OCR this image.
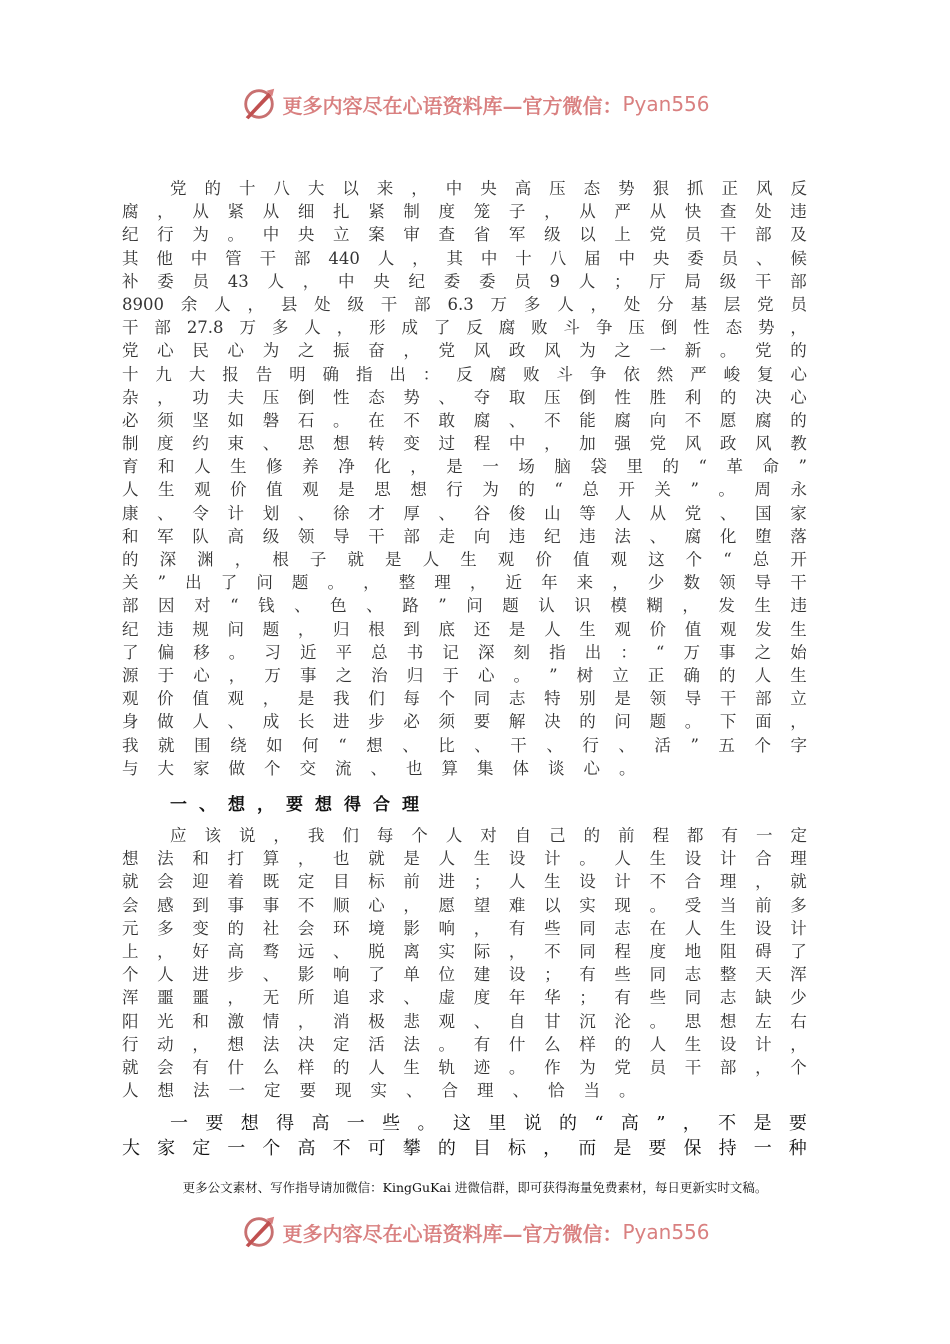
更多内容尽在心语资料库—官方微信： Pyan556
党 的 十 八 大 以 来 ， 中 央 高 压 态 势 狠 抓 正 风 反
腐 ， 从 紧 从 细 扎 紧 制 度 笼 子 ， 从 严 从 快 查 处 违
纪 行 为 。 中 央 立 案 审 查 省 军 级 以 上 党 员 干 部 及
其 他 中 管 干 部 440 人 ， 其 中 十 八 届 中 央 委 员 、 候
补 委 员 43 人 ， 中 央 纪 委 委 员 9 人 ； 厅 局 级 干 部
8900 余 人 ， 县 处 级 干 部 6.3 万 多 人 ， 处 分 基 层 党 员
干 部 27.8 万 多 人 ， 形 成 了 反 腐 败 斗 争 压 倒 性 态 势 ，
党 心 民 心 为 之 振 奋 ， 党 风 政 风 为 之 一 新 。 党 的
十 九 大 报 告 明 确 指 出 ： 反 腐 败 斗 争 依 然 严 峻 复 心
杂 ， 功 夫 压 倒 性 态 势 、 夺 取 压 倒 性 胜 利 的 决 心
必 须 坚 如 磐 石 。 在 不 敢 腐 、 不 能 腐 向 不 愿 腐 的
制 度 约 束 、 思 想 转 变 过 程 中 ， 加 强 党 风 政 风 教
育 和 人 生 修 养 净 化 ， 是 一 场 脑 袋 里 的 “ 革 命 ”
人 生 观 价 值 观 是 思 想 行 为 的 “ 总 开 关 ” 。 周 永
康 、 令 计 划 、 徐 才 厚 、 谷 俊 山 等 人 从 党 、 国 家
和 军 队 高 级 领 导 干 部 走 向 违 纪 违 法 、 腐 化 堕 落
的 深 渊 ， 根 子 就 是 人 生 观 价 值 观 这 个 “ 总 开
关 ” 出 了 问 题 。 ， 整 理 ， 近 年 来 ， 少 数 领 导 干
部 因 对 “ 钱 、 色 、 路 ” 问 题 认 识 模 糊 ， 发 生 违
纪 违 规 问 题 ， 归 根 到 底 还 是 人 生 观 价 值 观 发 生
了 偏 移 。 习 近 平 总 书 记 深 刻 指 出 ： “ 万 事 之 始
源 于 心 ， 万 事 之 治 归 于 心 。 ” 树 立 正 确 的 人 生
观 价 值 观 ， 是 我 们 每 个 同 志 特 别 是 领 导 干 部 立
身 做 人 、 成 长 进 步 必 须 要 解 决 的 问 题 。 下 面 ，
我 就 围 绕 如 何 “ 想 、 比 、 干 、 行 、 活 ” 五 个 字
与 大 家 做 个 交 流 、 也 算 集 体 谈 心 。
一、想，要想得合理
应 该 说 ， 我 们 每 个 人 对 自 己 的 前 程 都 有 一 定
想 法 和 打 算 ， 也 就 是 人 生 设 计 。 人 生 设 计 合 理
就 会 迎 着 既 定 目 标 前 进 ； 人 生 设 计 不 合 理 ， 就
会 感 到 事 事 不 顺 心 ， 愿 望 难 以 实 现 。 受 当 前 多
元 多 变 的 社 会 环 境 影 响 ， 有 些 同 志 在 人 生 设 计
上 ， 好 高 骛 远 、 脱 离 实 际 ， 不 同 程 度 地 阻 碍 了
个 人 进 步 、 影 响 了 单 位 建 设 ； 有 些 同 志 整 天 浑
浑 噩 噩 ， 无 所 追 求 、 虚 度 年 华 ； 有 些 同 志 缺 少
阳 光 和 激 情 ， 消 极 悲 观 、 自 甘 沉 沦 。 思 想 左 右
行 动 ， 想 法 决 定 活 法 。 有 什 么 样 的 人 生 设 计 ，
就 会 有 什 么 样 的 人 生 轨 迹 。 作 为 党 员 干 部 ， 个
人 想 法 一 定 要 现 实 、 合 理 、 恰 当 。
一 要 想 得 高 一 些 。 这 里 说 的 “ 高 ” ， 不 是 要
大 家 定 一 个 高 不 可 攀 的 目 标 ， 而 是 要 保 持 一 种
更多公文素材、写作指导请加微信：KingGuKai 进微信群，即可获得海量免费素材，每日更新实时文稿。
更多内容尽在心语资料库—官方微信： Pyan556
